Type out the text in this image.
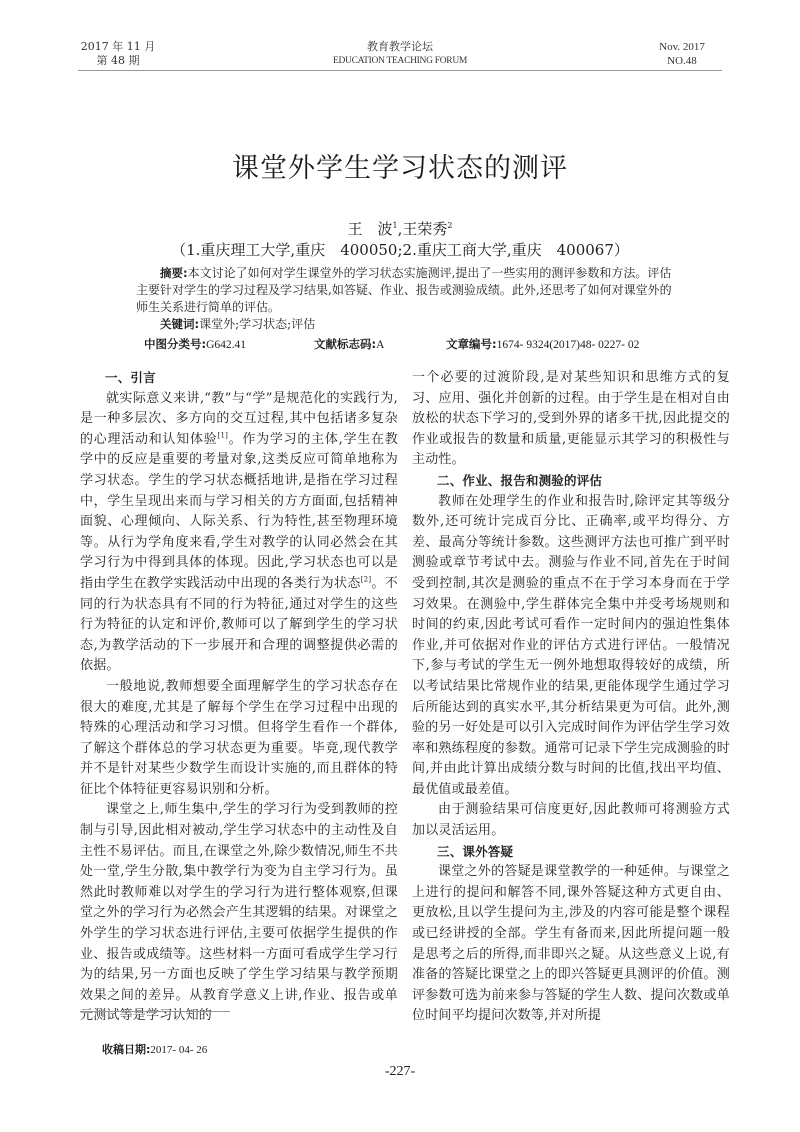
2017 年 11 月
第 48 期
教育教学论坛
EDUCATION TEACHING FORUM
Nov. 2017
NO.48
课堂外学生学习状态的测评
王　波$^1$,王荣秀$^2$
（1.重庆理工大学,重庆　400050;2.重庆工商大学,重庆　400067）

摘要:本文讨论了如何对学生课堂外的学习状态实施测评,提出了一些实用的测评参数和方法。评估主要针对学生的学习过程及学习结果,如答疑、作业、报告或测验成绩。此外,还思考了如何对课堂外的师生关系进行简单的评估。

关键词:课堂外;学习状态;评估

中图分类号:G642.41	文献标志码:A	文章编号:1674- 9324(2017)48- 0227- 02
一、引言

就实际意义来讲,“教”与“学”是规范化的实践行为,是一种多层次、多方向的交互过程,其中包括诸多复杂的心理活动和认知体验[1]。作为学习的主体,学生在教学中的反应是重要的考量对象,这类反应可简单地称为学习状态。学生的学习状态概括地讲,是指在学习过程中，学生呈现出来而与学习相关的方方面面,包括精神面貌、心理倾向、人际关系、行为特性,甚至物理环境等。从行为学角度来看,学生对教学的认同必然会在其学习行为中得到具体的体现。因此,学习状态也可以是指由学生在教学实践活动中出现的各类行为状态[2]。不同的行为状态具有不同的行为特征,通过对学生的这些行为特征的认定和评价,教师可以了解到学生的学习状态,为教学活动的下一步展开和合理的调整提供必需的依据。

一般地说,教师想要全面理解学生的学习状态存在很大的难度,尤其是了解每个学生在学习过程中出现的特殊的心理活动和学习习惯。但将学生看作一个群体,了解这个群体总的学习状态更为重要。毕竟,现代教学并不是针对某些少数学生而设计实施的,而且群体的特征比个体特征更容易识别和分析。

课堂之上,师生集中,学生的学习行为受到教师的控制与引导,因此相对被动,学生学习状态中的主动性及自主性不易评估。而且,在课堂之外,除少数情况,师生不共处一堂,学生分散,集中教学行为变为自主学习行为。虽然此时教师难以对学生的学习行为进行整体观察,但课堂之外的学习行为必然会产生其逻辑的结果。对课堂之外学生的学习状态进行评估,主要可依据学生提供的作业、报告或成绩等。这些材料一方面可看成学生学习行为的结果,另一方面也反映了学生学习结果与教学预期效果之间的差异。从教育学意义上讲,作业、报告或单元测试等是学习认知的

一个必要的过渡阶段,是对某些知识和思维方式的复习、应用、强化并创新的过程。由于学生是在相对自由放松的状态下学习的,受到外界的诸多干扰,因此提交的作业或报告的数量和质量,更能显示其学习的积极性与主动性。

二、作业、报告和测验的评估

教师在处理学生的作业和报告时,除评定其等级分数外,还可统计完成百分比、正确率,或平均得分、方差、最高分等统计参数。这些测评方法也可推广到平时测验或章节考试中去。测验与作业不同,首先在于时间受到控制,其次是测验的重点不在于学习本身而在于学习效果。在测验中,学生群体完全集中并受考场规则和时间的约束,因此考试可看作一定时间内的强迫性集体作业,并可依据对作业的评估方式进行评估。一般情况下,参与考试的学生无一例外地想取得较好的成绩，所以考试结果比常规作业的结果,更能体现学生通过学习后所能达到的真实水平,其分析结果更为可信。此外,测验的另一好处是可以引入完成时间作为评估学生学习效率和熟练程度的参数。通常可记录下学生完成测验的时间,并由此计算出成绩分数与时间的比值,找出平均值、最优值或最差值。

由于测验结果可信度更好,因此教师可将测验方式加以灵活运用。

三、课外答疑

课堂之外的答疑是课堂教学的一种延伸。与课堂之上进行的提问和解答不同,课外答疑这种方式更自由、更放松,且以学生提问为主,涉及的内容可能是整个课程或已经讲授的全部。学生有备而来,因此所提问题一般是思考之后的所得,而非即兴之疑。从这些意义上说,有准备的答疑比课堂之上的即兴答疑更具测评的价值。测评参数可选为前来参与答疑的学生人数、提问次数或单位时间平均提问次数等,并对所提

收稿日期:2017- 04- 26
-227-
